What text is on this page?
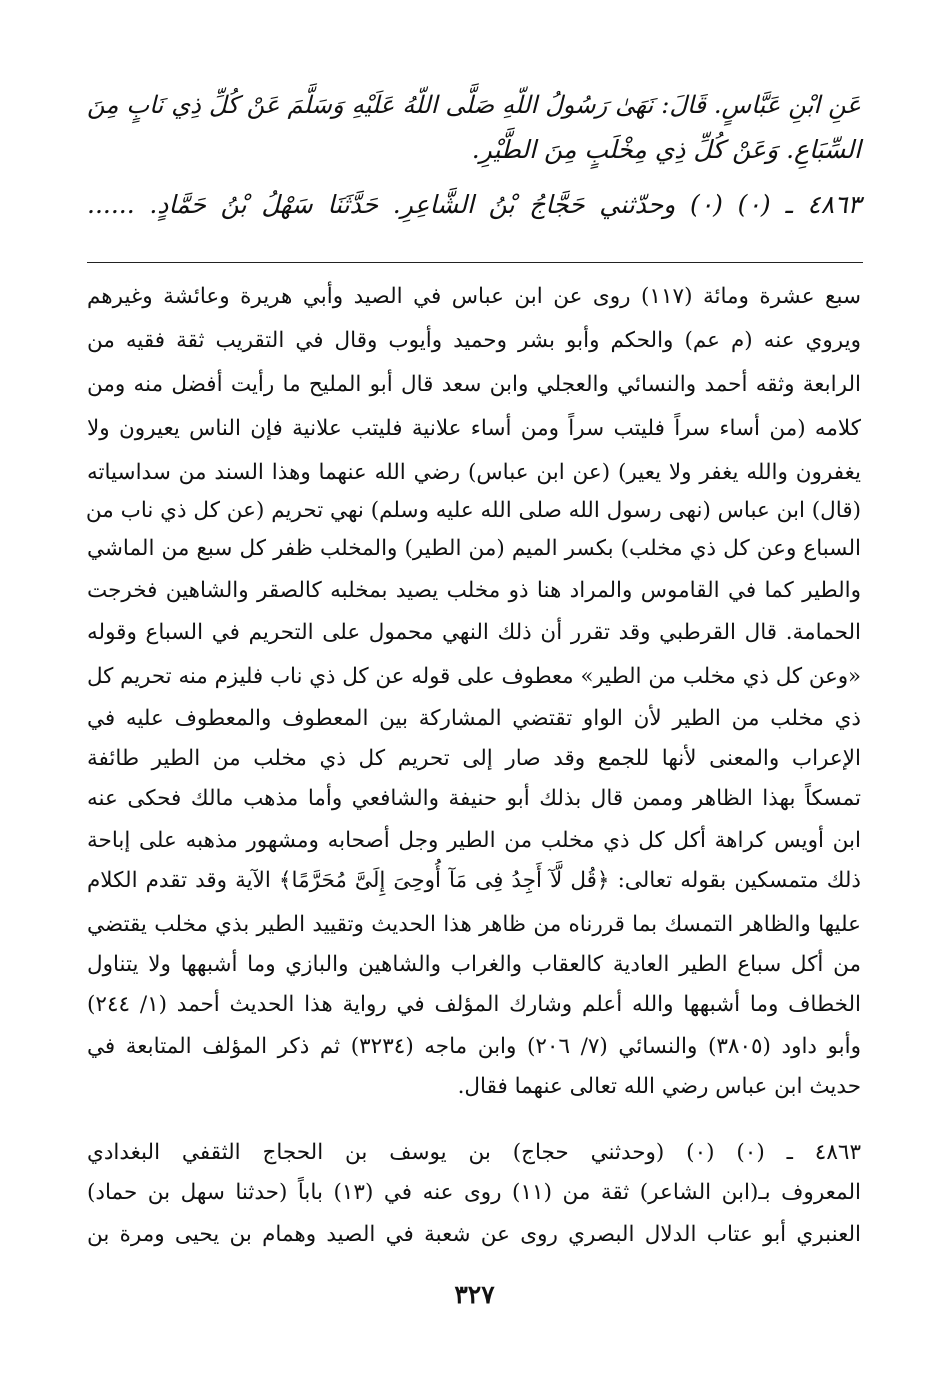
عَنِ ابْنِ عَبَّاسٍ. قَالَ: نَهَىٰ رَسُولُ اللّهِ صَلَّى اللّهُ عَلَيْهِ وَسَلَّمَ عَنْ كُلِّ ذِي نَابٍ مِنَ

السِّبَاعِ. وَعَنْ كُلِّ ذِي مِخْلَبٍ مِنَ الطَّيْرِ.

٤٨٦٣ ـ (٠) (٠) وحدّثني حَجَّاجُ بْنُ الشَّاعِرِ. حَدَّثَنَا سَهْلُ بْنُ حَمَّادٍ. ......

سبع عشرة ومائة (١١٧) روى عن ابن عباس في الصيد وأبي هريرة وعائشة وغيرهم

ويروي عنه (م عم) والحكم وأبو بشر وحميد وأيوب وقال في التقريب ثقة فقيه من

الرابعة وثقه أحمد والنسائي والعجلي وابن سعد قال أبو المليح ما رأيت أفضل منه ومن

كلامه (من أساء سراً فليتب سراً ومن أساء علانية فليتب علانية فإن الناس يعيرون ولا

يغفرون والله يغفر ولا يعير) (عن ابن عباس) رضي الله عنهما وهذا السند من سداسياته

(قال) ابن عباس (نهى رسول الله صلى الله عليه وسلم) نهي تحريم (عن كل ذي ناب من

السباع وعن كل ذي مخلب) بكسر الميم (من الطير) والمخلب ظفر كل سبع من الماشي

والطير كما في القاموس والمراد هنا ذو مخلب يصيد بمخلبه كالصقر والشاهين فخرجت

الحمامة. قال القرطبي وقد تقرر أن ذلك النهي محمول على التحريم في السباع وقوله

«وعن كل ذي مخلب من الطير» معطوف على قوله عن كل ذي ناب فليزم منه تحريم كل

ذي مخلب من الطير لأن الواو تقتضي المشاركة بين المعطوف والمعطوف عليه في

الإعراب والمعنى لأنها للجمع وقد صار إلى تحريم كل ذي مخلب من الطير طائفة

تمسكاً بهذا الظاهر وممن قال بذلك أبو حنيفة والشافعي وأما مذهب مالك فحكى عنه

ابن أويس كراهة أكل كل ذي مخلب من الطير وجل أصحابه ومشهور مذهبه على إباحة

ذلك متمسكين بقوله تعالى: ﴿قُل لَّآ أَجِدُ فِى مَآ أُوحِىَ إِلَىَّ مُحَرَّمًا﴾ الآية وقد تقدم الكلام

عليها والظاهر التمسك بما قررناه من ظاهر هذا الحديث وتقييد الطير بذي مخلب يقتضي

من أكل سباع الطير العادية كالعقاب والغراب والشاهين والبازي وما أشبهها ولا يتناول

الخطاف وما أشبهها والله أعلم وشارك المؤلف في رواية هذا الحديث أحمد (١/ ٢٤٤)

وأبو داود (٣٨٠٥) والنسائي (٧/ ٢٠٦) وابن ماجه (٣٢٣٤) ثم ذكر المؤلف المتابعة في

حديث ابن عباس رضي الله تعالى عنهما فقال.

٤٨٦٣ ـ (٠) (٠) (وحدثني حجاج) بن يوسف بن الحجاج الثقفي البغدادي

المعروف بـ(ابن الشاعر) ثقة من (١١) روى عنه في (١٣) باباً (حدثنا سهل بن حماد)

العنبري أبو عتاب الدلال البصري روى عن شعبة في الصيد وهمام بن يحيى ومرة بن

٣٢٧
